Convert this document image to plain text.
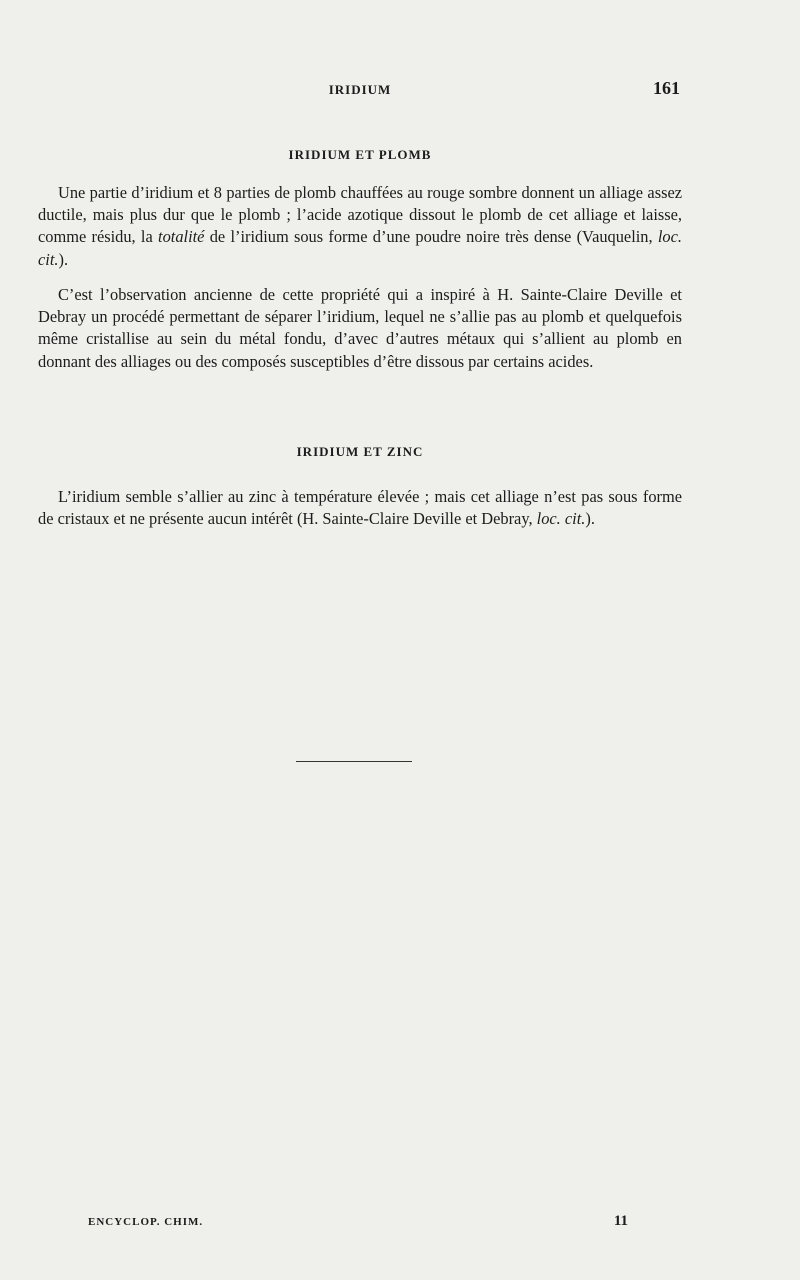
IRIDIUM	161
IRIDIUM ET PLOMB

Une partie d’iridium et 8 parties de plomb chauffées au rouge sombre donnent un alliage assez ductile, mais plus dur que le plomb ; l’acide azotique dissout le plomb de cet alliage et laisse, comme résidu, la totalité de l’iridium sous forme d’une poudre noire très dense (Vauquelin, loc. cit.).

C’est l’observation ancienne de cette propriété qui a inspiré à H. Sainte-Claire Deville et Debray un procédé permettant de séparer l’iridium, lequel ne s’allie pas au plomb et quelquefois même cristallise au sein du métal fondu, d’avec d’autres métaux qui s’allient au plomb en donnant des alliages ou des composés susceptibles d’être dissous par certains acides.

IRIDIUM ET ZINC

L’iridium semble s’allier au zinc à température élevée ; mais cet alliage n’est pas sous forme de cristaux et ne présente aucun intérêt (H. Sainte-Claire Deville et Debray, loc. cit.).

ENCYCLOP. CHIM.	11
